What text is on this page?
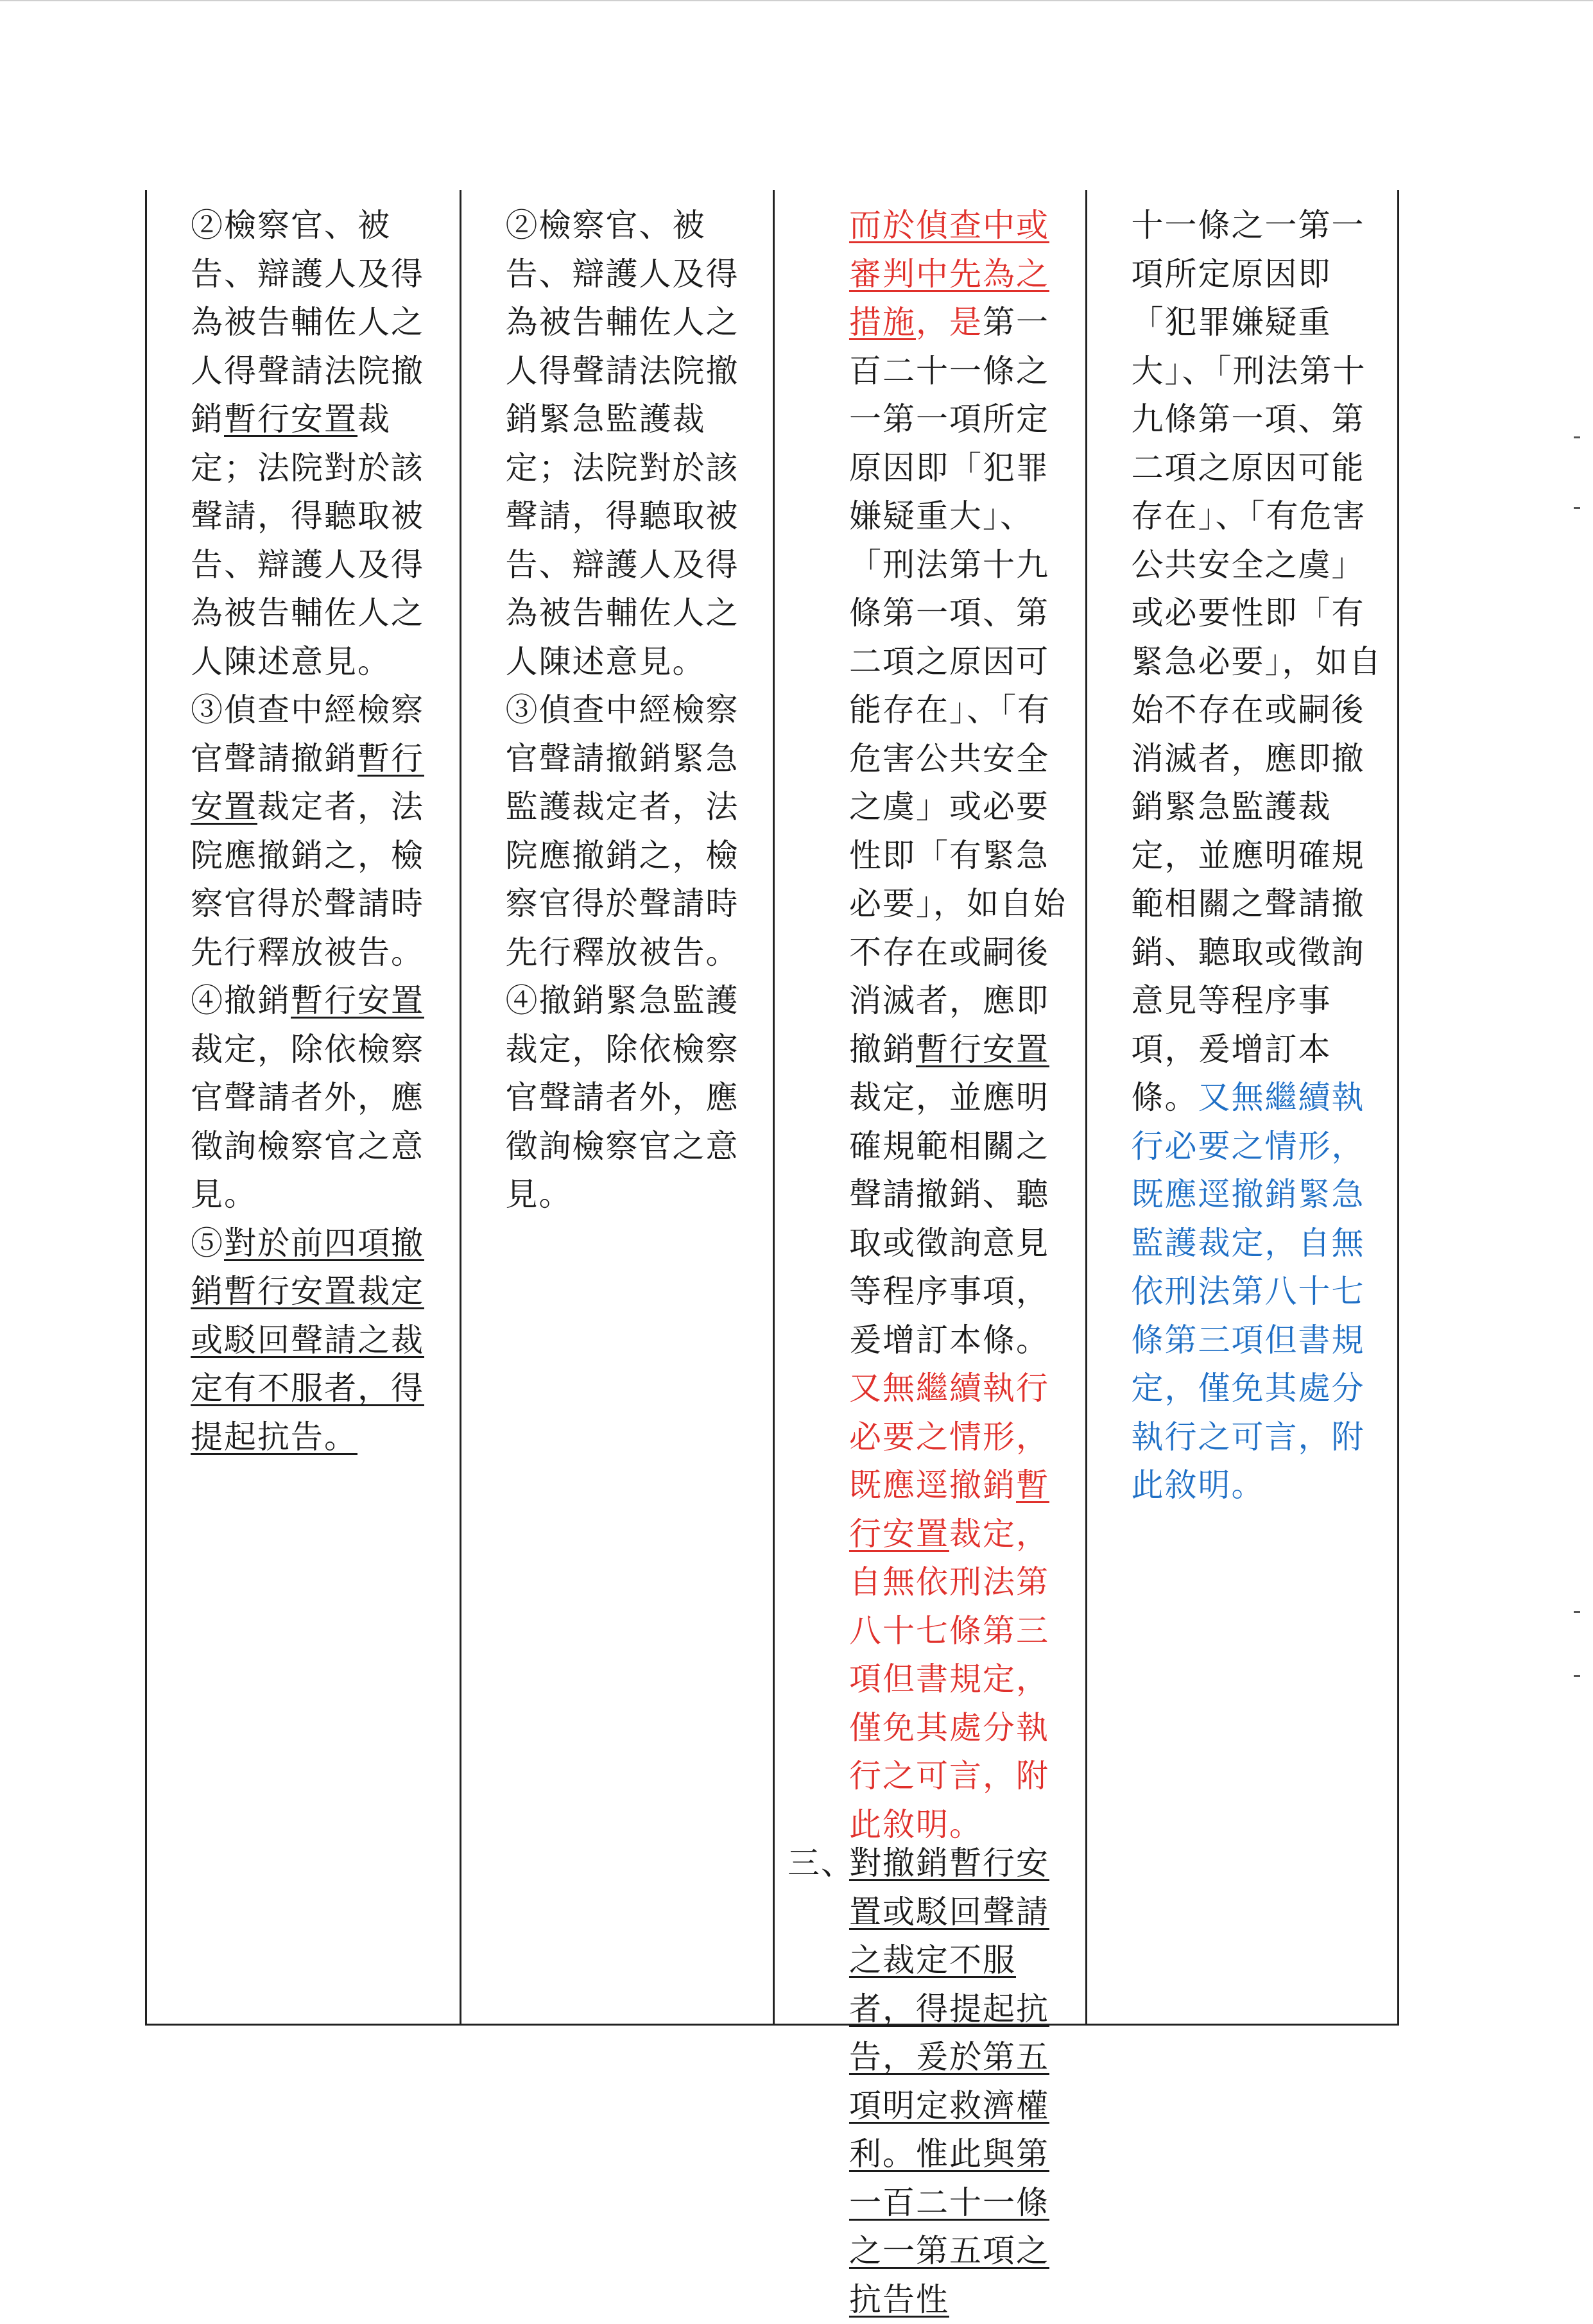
②檢察官、被告、辯護人及得為被告輔佐人之人得聲請法院撤銷暫行安置裁定；法院對於該聲請，得聽取被告、辯護人及得為被告輔佐人之人陳述意見。

③偵查中經檢察官聲請撤銷暫行安置裁定者，法院應撤銷之，檢察官得於聲請時先行釋放被告。

④撤銷暫行安置裁定，除依檢察官聲請者外，應徵詢檢察官之意見。

⑤對於前四項撤銷暫行安置裁定或駁回聲請之裁定有不服者，得提起抗告。

②檢察官、被告、辯護人及得為被告輔佐人之人得聲請法院撤銷緊急監護裁定；法院對於該聲請，得聽取被告、辯護人及得為被告輔佐人之人陳述意見。

③偵查中經檢察官聲請撤銷緊急監護裁定者，法院應撤銷之，檢察官得於聲請時先行釋放被告。

④撤銷緊急監護裁定，除依檢察官聲請者外，應徵詢檢察官之意見。

而於偵查中或審判中先為之措施，是第一百二十一條之一第一項所定原因即「犯罪嫌疑重大」、「刑法第十九條第一項、第二項之原因可能存在」、「有危害公共安全之虞」或必要性即「有緊急必要」，如自始不存在或嗣後消滅者，應即撤銷暫行安置裁定，並應明確規範相關之聲請撤銷、聽取或徵詢意見等程序事項，爰增訂本條。又無繼續執行必要之情形，既應逕撤銷暫行安置裁定，自無依刑法第八十七條第三項但書規定，僅免其處分執行之可言，附此敘明。

三、對撤銷暫行安
置或駁回聲請之裁定不服者，得提起抗告，爰於第五項明定救濟權利。惟此與第一百二十一條之一第五項之抗告性

十一條之一第一項所定原因即「犯罪嫌疑重大」、「刑法第十九條第一項、第二項之原因可能存在」、「有危害公共安全之虞」或必要性即「有緊急必要」，如自始不存在或嗣後消滅者，應即撤銷緊急監護裁定，並應明確規範相關之聲請撤銷、聽取或徵詢意見等程序事項，爰增訂本條。又無繼續執行必要之情形，既應逕撤銷緊急監護裁定，自無依刑法第八十七條第三項但書規定，僅免其處分執行之可言，附此敘明。
